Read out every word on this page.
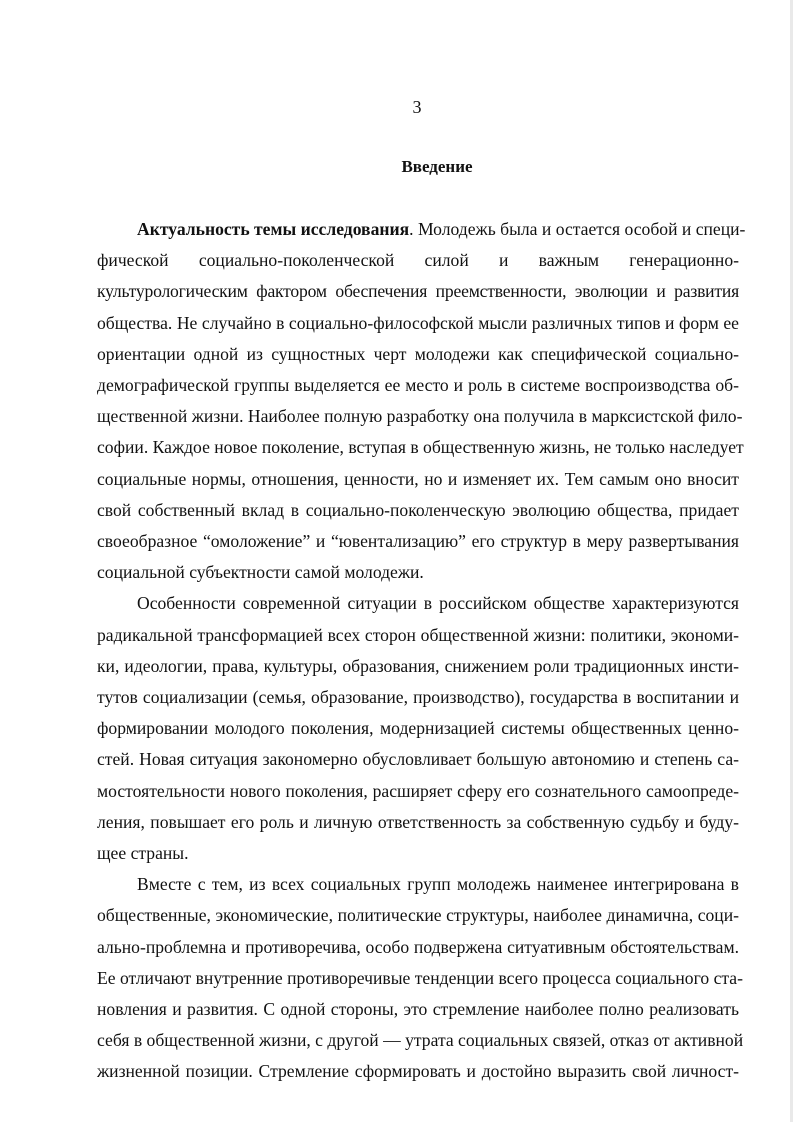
3
Введение

Актуальность темы исследования. Молодежь была и остается особой и специ-

фической социально-поколенческой силой и важным генерационно-

культурологическим фактором обеспечения преемственности, эволюции и развития

общества. Не случайно в социально-философской мысли различных типов и форм ее

ориентации одной из сущностных черт молодежи как специфической социально-

демографической группы выделяется ее место и роль в системе воспроизводства об-

щественной жизни. Наиболее полную разработку она получила в марксистской фило-

софии. Каждое новое поколение, вступая в общественную жизнь, не только наследует

социальные нормы, отношения, ценности, но и изменяет их. Тем самым оно вносит

свой собственный вклад в социально-поколенческую эволюцию общества, придает

своеобразное “омоложение” и “ювентализацию” его структур в меру развертывания

социальной субъектности самой молодежи.

Особенности современной ситуации в российском обществе характеризуются

радикальной трансформацией всех сторон общественной жизни: политики, экономи-

ки, идеологии, права, культуры, образования, снижением роли традиционных инсти-

тутов социализации (семья, образование, производство), государства в воспитании и

формировании молодого поколения, модернизацией системы общественных ценно-

стей. Новая ситуация закономерно обусловливает большую автономию и степень са-

мостоятельности нового поколения, расширяет сферу его сознательного самоопреде-

ления, повышает его роль и личную ответственность за собственную судьбу и буду-

щее страны.

Вместе с тем, из всех социальных групп молодежь наименее интегрирована в

общественные, экономические, политические структуры, наиболее динамична, соци-

ально-проблемна и противоречива, особо подвержена ситуативным обстоятельствам.

Ее отличают внутренние противоречивые тенденции всего процесса социального ста-

новления и развития. С одной стороны, это стремление наиболее полно реализовать

себя в общественной жизни, с другой — утрата социальных связей, отказ от активной

жизненной позиции. Стремление сформировать и достойно выразить свой личност-
